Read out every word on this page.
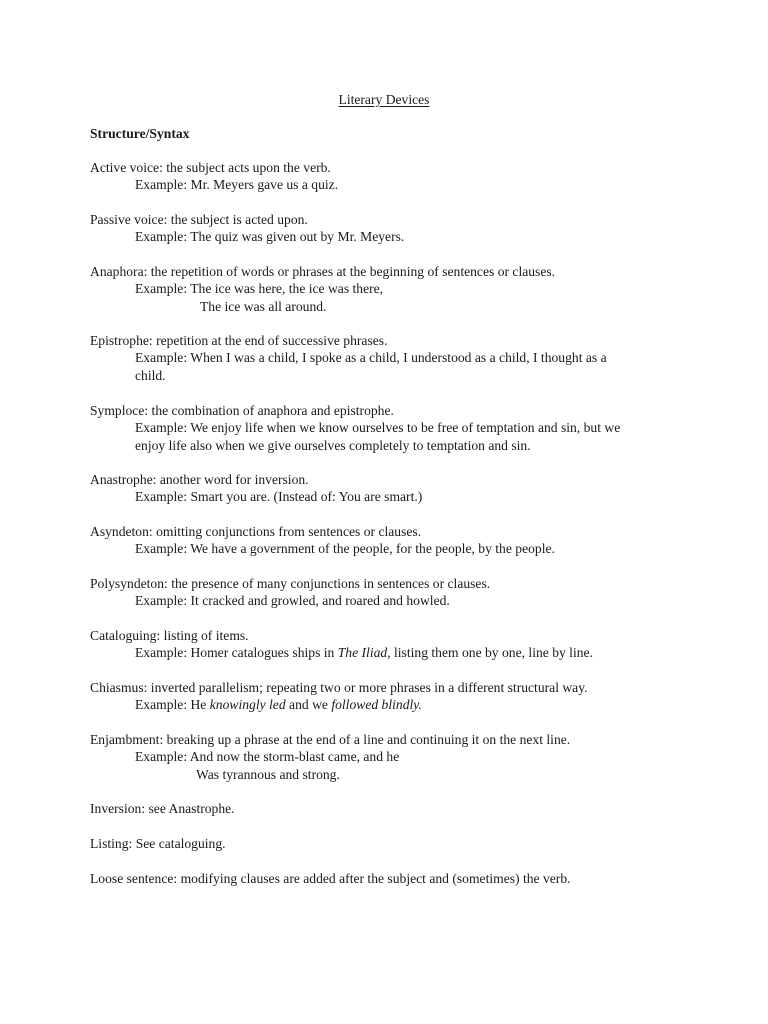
Literary Devices
Structure/Syntax
Active voice: the subject acts upon the verb.
Example: Mr. Meyers gave us a quiz.
Passive voice: the subject is acted upon.
Example: The quiz was given out by Mr. Meyers.
Anaphora: the repetition of words or phrases at the beginning of sentences or clauses.
Example: The ice was here, the ice was there,
The ice was all around.
Epistrophe: repetition at the end of successive phrases.
Example: When I was a child, I spoke as a child, I understood as a child, I thought as a
child.
Symploce: the combination of anaphora and epistrophe.
Example: We enjoy life when we know ourselves to be free of temptation and sin, but we
enjoy life also when we give ourselves completely to temptation and sin.
Anastrophe: another word for inversion.
Example: Smart you are. (Instead of: You are smart.)
Asyndeton: omitting conjunctions from sentences or clauses.
Example: We have a government of the people, for the people, by the people.
Polysyndeton: the presence of many conjunctions in sentences or clauses.
Example: It cracked and growled, and roared and howled.
Cataloguing: listing of items.
Example: Homer catalogues ships in The Iliad, listing them one by one, line by line.
Chiasmus: inverted parallelism; repeating two or more phrases in a different structural way.
Example: He knowingly led and we followed blindly.
Enjambment: breaking up a phrase at the end of a line and continuing it on the next line.
Example: And now the storm-blast came, and he
Was tyrannous and strong.
Inversion: see Anastrophe.
Listing: See cataloguing.
Loose sentence: modifying clauses are added after the subject and (sometimes) the verb.
